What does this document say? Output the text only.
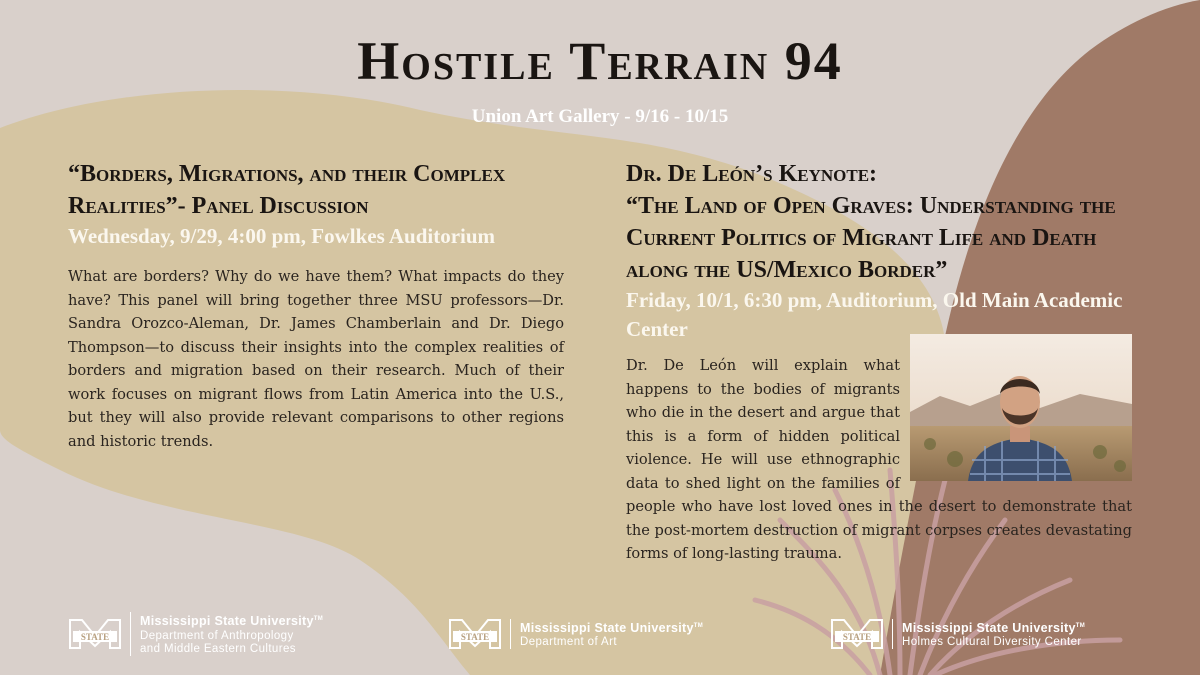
Hostile Terrain 94
Union Art Gallery - 9/16 - 10/15
“Borders, Migrations, and their Complex Realities”- Panel Discussion
Wednesday, 9/29, 4:00 pm, Fowlkes Auditorium
What are borders? Why do we have them? What impacts do they have? This panel will bring together three MSU professors—Dr. Sandra Orozco-Aleman, Dr. James Chamberlain and Dr. Diego Thompson—to discuss their insights into the complex realities of borders and migration based on their research. Much of their work focuses on migrant flows from Latin America into the U.S., but they will also provide relevant comparisons to other regions and historic trends.
Dr. De León’s Keynote:
“The Land of Open Graves: Understanding the Current Politics of Migrant Life and Death along the US/Mexico Border”
Friday, 10/1, 6:30 pm, Auditorium, Old Main Academic Center
Dr. De León will explain what happens to the bodies of migrants who die in the desert and argue that this is a form of hidden political violence. He will use ethnographic data to shed light on the families of people who have lost loved ones in the desert to demonstrate that the post-mortem destruction of migrant corpses creates devastating forms of long-lasting trauma.
STATE
Mississippi State University™
Department of Anthropology
and Middle Eastern Cultures
STATE
Mississippi State University™
Department of Art	STATE
Mississippi State University™
Holmes Cultural Diversity Center
